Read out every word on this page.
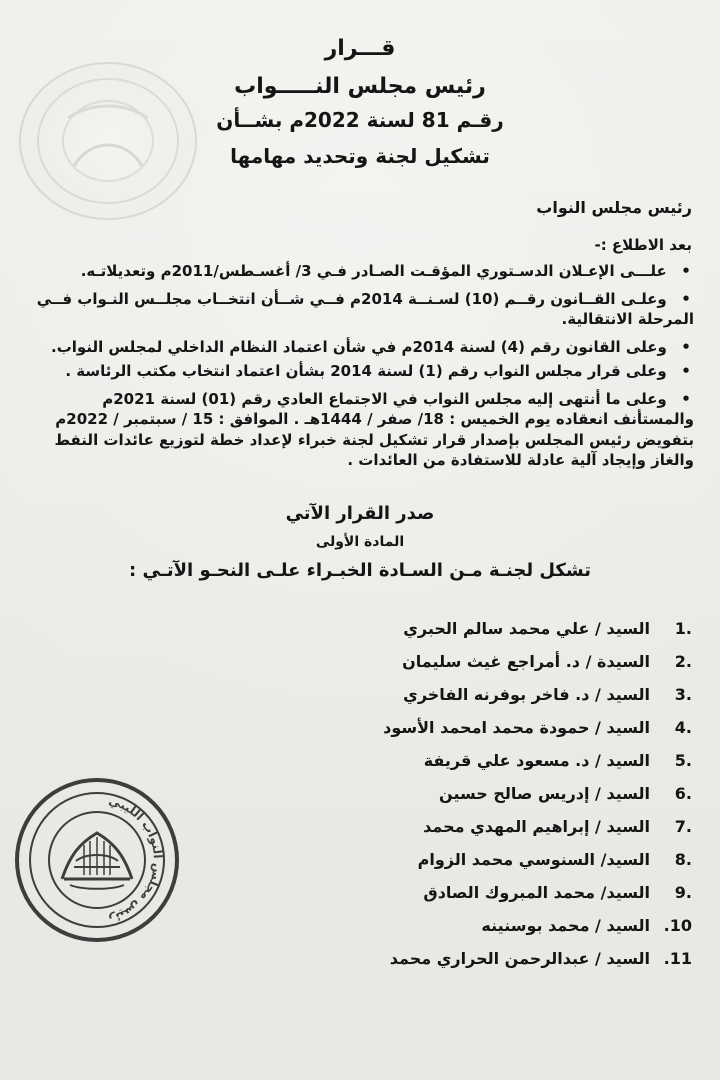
قـــرار

رئيس مجلس النـــــواب

رقـم 81 لسنة 2022م بشــأن

تشكيل لجنة وتحديد مهامها

رئيس مجلس النواب

بعد الاطلاع :-

• علـــى الإعـلان الدسـتوري المؤقـت الصـادر فـي 3/ أغسـطس/2011م وتعديلاتـه.

• وعلـى القــانون رقــم (10) لسـنــة 2014م فــي شــأن انتخــاب مجلــس النـواب فــي المرحلة الانتقالية.

• وعلى القانون رقم (4) لسنة 2014م في شأن اعتماد النظام الداخلي لمجلس النواب.

• وعلى قرار مجلس النواب رقم (1) لسنة 2014 بشأن اعتماد انتخاب مكتب الرئاسة .

• وعلى ما أنتهى إليه مجلس النواب في الاجتماع العادي رقم (01) لسنة 2021م والمستأنف انعقاده يوم الخميس : 18/ صفر / 1444هـ . الموافق : 15 / سبتمبر / 2022م بتفويض رئيس المجلس بإصدار قرار تشكيل لجنة خبراء لإعداد خطة لتوزيع عائدات النفط والغاز وإيجاد آلية عادلة للاستفادة من العائدات .

صدر القرار الآتي

المادة الأولى

تشكل لجنـة مـن السـادة الخبـراء علـى النحـو الآتـي :

.1
السيد / علي محمد سالم الحبري
.2
السيدة / د. أمراجع غيث سليمان
.3
السيد / د. فاخر بوفرنه الفاخري
.4
السيد / حمودة محمد امحمد الأسود
.5
السيد / د. مسعود علي قريفة
.6
السيد / إدريس صالح حسين
.7
السيد / إبراهيم المهدي محمد
.8
السيد/ السنوسي محمد الزوام
.9
السيد/ محمد المبروك الصادق
10.
السيد / محمد بوسنينه
11.
السيد / عبدالرحمن الحراري محمد
رئيس مجلس النواب الليبي
